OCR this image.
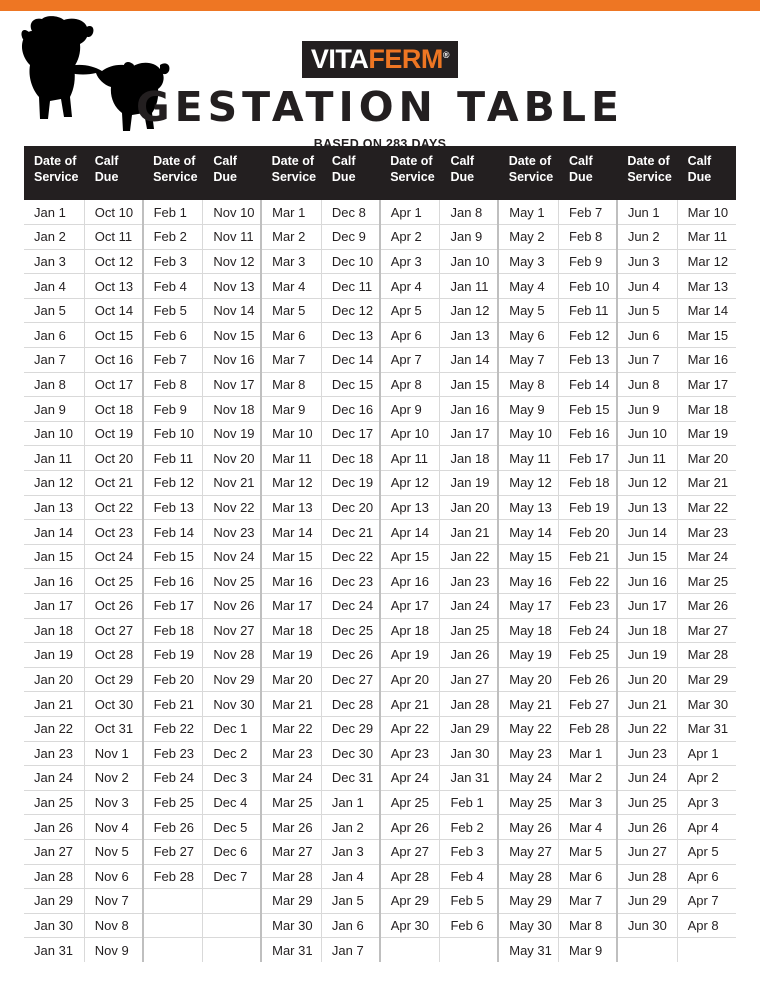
VITAFERM®
GESTATION TABLE
BASED ON 283 DAYS
Date of
Service	Calf
Due	Date of
Service	Calf
Due	Date of
Service	Calf
Due	Date of
Service	Calf
Due	Date of
Service	Calf
Due	Date of
Service	Calf
Due

Jan 1	Oct 10	Feb 1	Nov 10	Mar 1	Dec 8	Apr 1	Jan 8	May 1	Feb 7	Jun 1	Mar 10
Jan 2	Oct 11	Feb 2	Nov 11	Mar 2	Dec 9	Apr 2	Jan 9	May 2	Feb 8	Jun 2	Mar 11
Jan 3	Oct 12	Feb 3	Nov 12	Mar 3	Dec 10	Apr 3	Jan 10	May 3	Feb 9	Jun 3	Mar 12
Jan 4	Oct 13	Feb 4	Nov 13	Mar 4	Dec 11	Apr 4	Jan 11	May 4	Feb 10	Jun 4	Mar 13
Jan 5	Oct 14	Feb 5	Nov 14	Mar 5	Dec 12	Apr 5	Jan 12	May 5	Feb 11	Jun 5	Mar 14
Jan 6	Oct 15	Feb 6	Nov 15	Mar 6	Dec 13	Apr 6	Jan 13	May 6	Feb 12	Jun 6	Mar 15
Jan 7	Oct 16	Feb 7	Nov 16	Mar 7	Dec 14	Apr 7	Jan 14	May 7	Feb 13	Jun 7	Mar 16
Jan 8	Oct 17	Feb 8	Nov 17	Mar 8	Dec 15	Apr 8	Jan 15	May 8	Feb 14	Jun 8	Mar 17
Jan 9	Oct 18	Feb 9	Nov 18	Mar 9	Dec 16	Apr 9	Jan 16	May 9	Feb 15	Jun 9	Mar 18
Jan 10	Oct 19	Feb 10	Nov 19	Mar 10	Dec 17	Apr 10	Jan 17	May 10	Feb 16	Jun 10	Mar 19
Jan 11	Oct 20	Feb 11	Nov 20	Mar 11	Dec 18	Apr 11	Jan 18	May 11	Feb 17	Jun 11	Mar 20
Jan 12	Oct 21	Feb 12	Nov 21	Mar 12	Dec 19	Apr 12	Jan 19	May 12	Feb 18	Jun 12	Mar 21
Jan 13	Oct 22	Feb 13	Nov 22	Mar 13	Dec 20	Apr 13	Jan 20	May 13	Feb 19	Jun 13	Mar 22
Jan 14	Oct 23	Feb 14	Nov 23	Mar 14	Dec 21	Apr 14	Jan 21	May 14	Feb 20	Jun 14	Mar 23
Jan 15	Oct 24	Feb 15	Nov 24	Mar 15	Dec 22	Apr 15	Jan 22	May 15	Feb 21	Jun 15	Mar 24
Jan 16	Oct 25	Feb 16	Nov 25	Mar 16	Dec 23	Apr 16	Jan 23	May 16	Feb 22	Jun 16	Mar 25
Jan 17	Oct 26	Feb 17	Nov 26	Mar 17	Dec 24	Apr 17	Jan 24	May 17	Feb 23	Jun 17	Mar 26
Jan 18	Oct 27	Feb 18	Nov 27	Mar 18	Dec 25	Apr 18	Jan 25	May 18	Feb 24	Jun 18	Mar 27
Jan 19	Oct 28	Feb 19	Nov 28	Mar 19	Dec 26	Apr 19	Jan 26	May 19	Feb 25	Jun 19	Mar 28
Jan 20	Oct 29	Feb 20	Nov 29	Mar 20	Dec 27	Apr 20	Jan 27	May 20	Feb 26	Jun 20	Mar 29
Jan 21	Oct 30	Feb 21	Nov 30	Mar 21	Dec 28	Apr 21	Jan 28	May 21	Feb 27	Jun 21	Mar 30
Jan 22	Oct 31	Feb 22	Dec 1	Mar 22	Dec 29	Apr 22	Jan 29	May 22	Feb 28	Jun 22	Mar 31
Jan 23	Nov 1	Feb 23	Dec 2	Mar 23	Dec 30	Apr 23	Jan 30	May 23	Mar 1	Jun 23	Apr 1
Jan 24	Nov 2	Feb 24	Dec 3	Mar 24	Dec 31	Apr 24	Jan 31	May 24	Mar 2	Jun 24	Apr 2
Jan 25	Nov 3	Feb 25	Dec 4	Mar 25	Jan 1	Apr 25	Feb 1	May 25	Mar 3	Jun 25	Apr 3
Jan 26	Nov 4	Feb 26	Dec 5	Mar 26	Jan 2	Apr 26	Feb 2	May 26	Mar 4	Jun 26	Apr 4
Jan 27	Nov 5	Feb 27	Dec 6	Mar 27	Jan 3	Apr 27	Feb 3	May 27	Mar 5	Jun 27	Apr 5
Jan 28	Nov 6	Feb 28	Dec 7	Mar 28	Jan 4	Apr 28	Feb 4	May 28	Mar 6	Jun 28	Apr 6
Jan 29	Nov 7			Mar 29	Jan 5	Apr 29	Feb 5	May 29	Mar 7	Jun 29	Apr 7
Jan 30	Nov 8			Mar 30	Jan 6	Apr 30	Feb 6	May 30	Mar 8	Jun 30	Apr 8
Jan 31	Nov 9			Mar 31	Jan 7			May 31	Mar 9		
